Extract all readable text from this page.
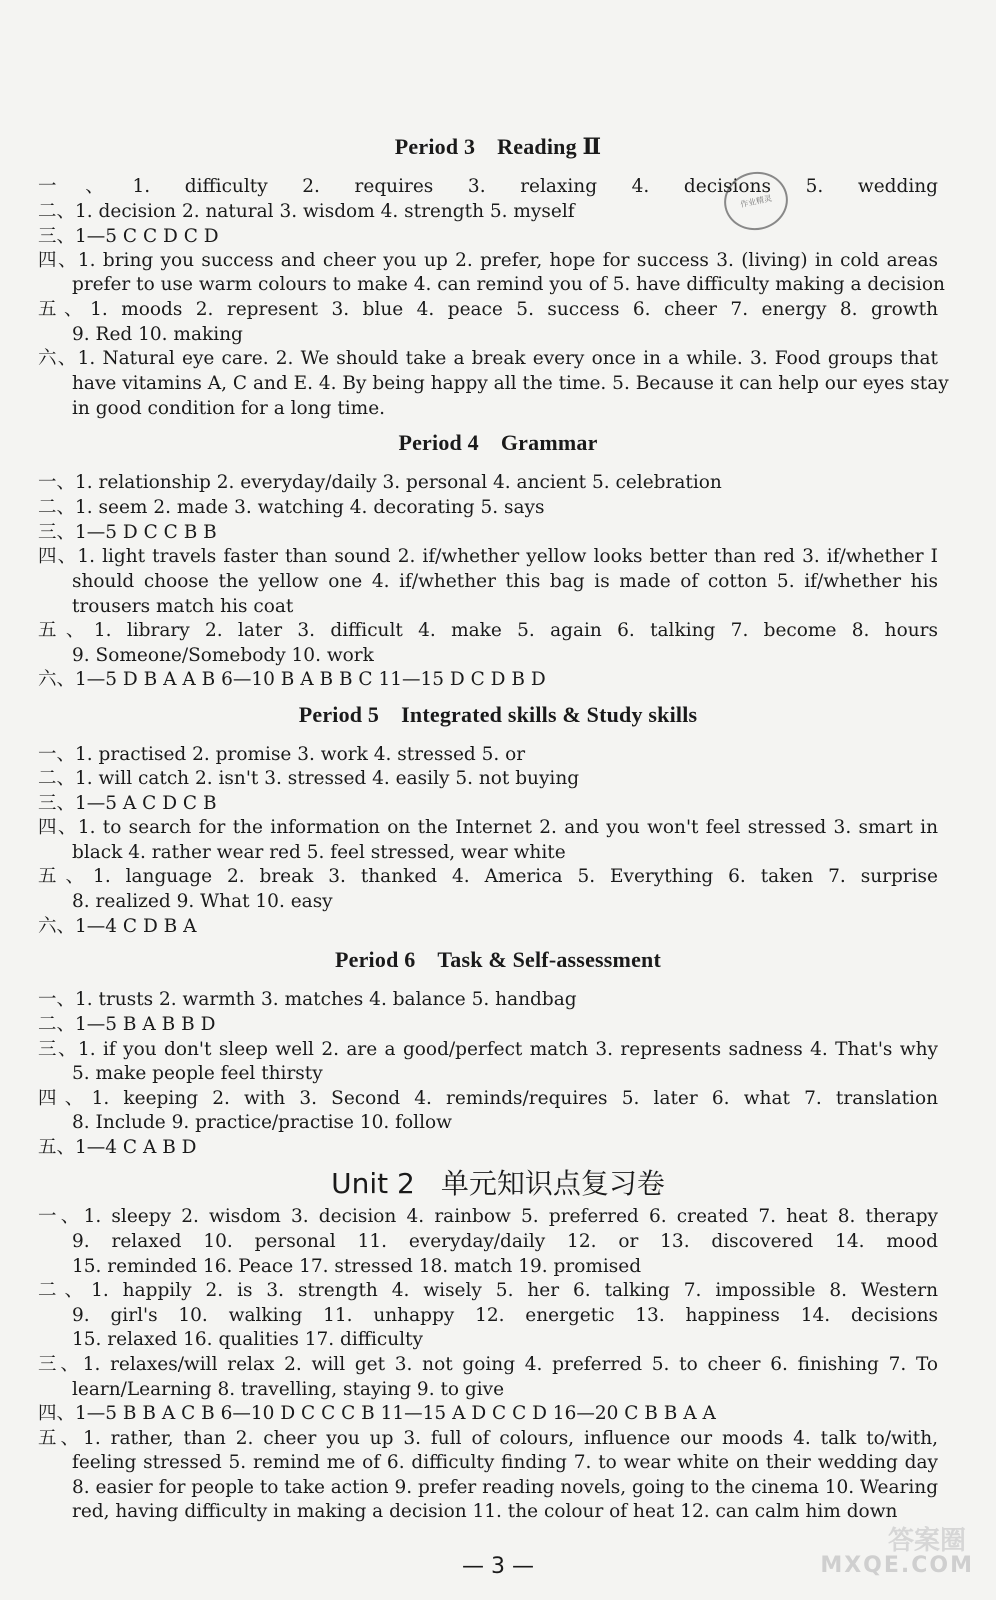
作业精灵
Period 3 Reading Ⅱ
一、1. difficulty 2. requires 3. relaxing 4. decisions 5. wedding
二、1. decision 2. natural 3. wisdom 4. strength 5. myself
三、1—5 C C D C D
四、1. bring you success and cheer you up 2. prefer, hope for success 3. (living) in cold areas
prefer to use warm colours to make 4. can remind you of 5. have difficulty making a decision
五、1. moods 2. represent 3. blue 4. peace 5. success 6. cheer 7. energy 8. growth
9. Red 10. making
六、1. Natural eye care. 2. We should take a break every once in a while. 3. Food groups that
have vitamins A, C and E. 4. By being happy all the time. 5. Because it can help our eyes stay
in good condition for a long time.
Period 4 Grammar
一、1. relationship 2. everyday/daily 3. personal 4. ancient 5. celebration
二、1. seem 2. made 3. watching 4. decorating 5. says
三、1—5 D C C B B
四、1. light travels faster than sound 2. if/whether yellow looks better than red 3. if/whether I
should choose the yellow one 4. if/whether this bag is made of cotton 5. if/whether his
trousers match his coat
五、1. library 2. later 3. difficult 4. make 5. again 6. talking 7. become 8. hours
9. Someone/Somebody 10. work
六、1—5 D B A A B 6—10 B A B B C 11—15 D C D B D
Period 5 Integrated skills & Study skills
一、1. practised 2. promise 3. work 4. stressed 5. or
二、1. will catch 2. isn't 3. stressed 4. easily 5. not buying
三、1—5 A C D C B
四、1. to search for the information on the Internet 2. and you won't feel stressed 3. smart in
black 4. rather wear red 5. feel stressed, wear white
五、1. language 2. break 3. thanked 4. America 5. Everything 6. taken 7. surprise
8. realized 9. What 10. easy
六、1—4 C D B A
Period 6 Task & Self-assessment
一、1. trusts 2. warmth 3. matches 4. balance 5. handbag
二、1—5 B A B B D
三、1. if you don't sleep well 2. are a good/perfect match 3. represents sadness 4. That's why
5. make people feel thirsty
四、1. keeping 2. with 3. Second 4. reminds/requires 5. later 6. what 7. translation
8. Include 9. practice/practise 10. follow
五、1—4 C A B D
Unit 2 单元知识点复习卷
一、1. sleepy 2. wisdom 3. decision 4. rainbow 5. preferred 6. created 7. heat 8. therapy
9. relaxed 10. personal 11. everyday/daily 12. or 13. discovered 14. mood
15. reminded 16. Peace 17. stressed 18. match 19. promised
二、1. happily 2. is 3. strength 4. wisely 5. her 6. talking 7. impossible 8. Western
9. girl's 10. walking 11. unhappy 12. energetic 13. happiness 14. decisions
15. relaxed 16. qualities 17. difficulty
三、1. relaxes/will relax 2. will get 3. not going 4. preferred 5. to cheer 6. finishing 7. To
learn/Learning 8. travelling, staying 9. to give
四、1—5 B B A C B 6—10 D C C C B 11—15 A D C C D 16—20 C B B A A
五、1. rather, than 2. cheer you up 3. full of colours, influence our moods 4. talk to/with,
feeling stressed 5. remind me of 6. difficulty finding 7. to wear white on their wedding day
8. easier for people to take action 9. prefer reading novels, going to the cinema 10. Wearing
red, having difficulty in making a decision 11. the colour of heat 12. can calm him down
— 3 —
答案圈
MXQE.COM
